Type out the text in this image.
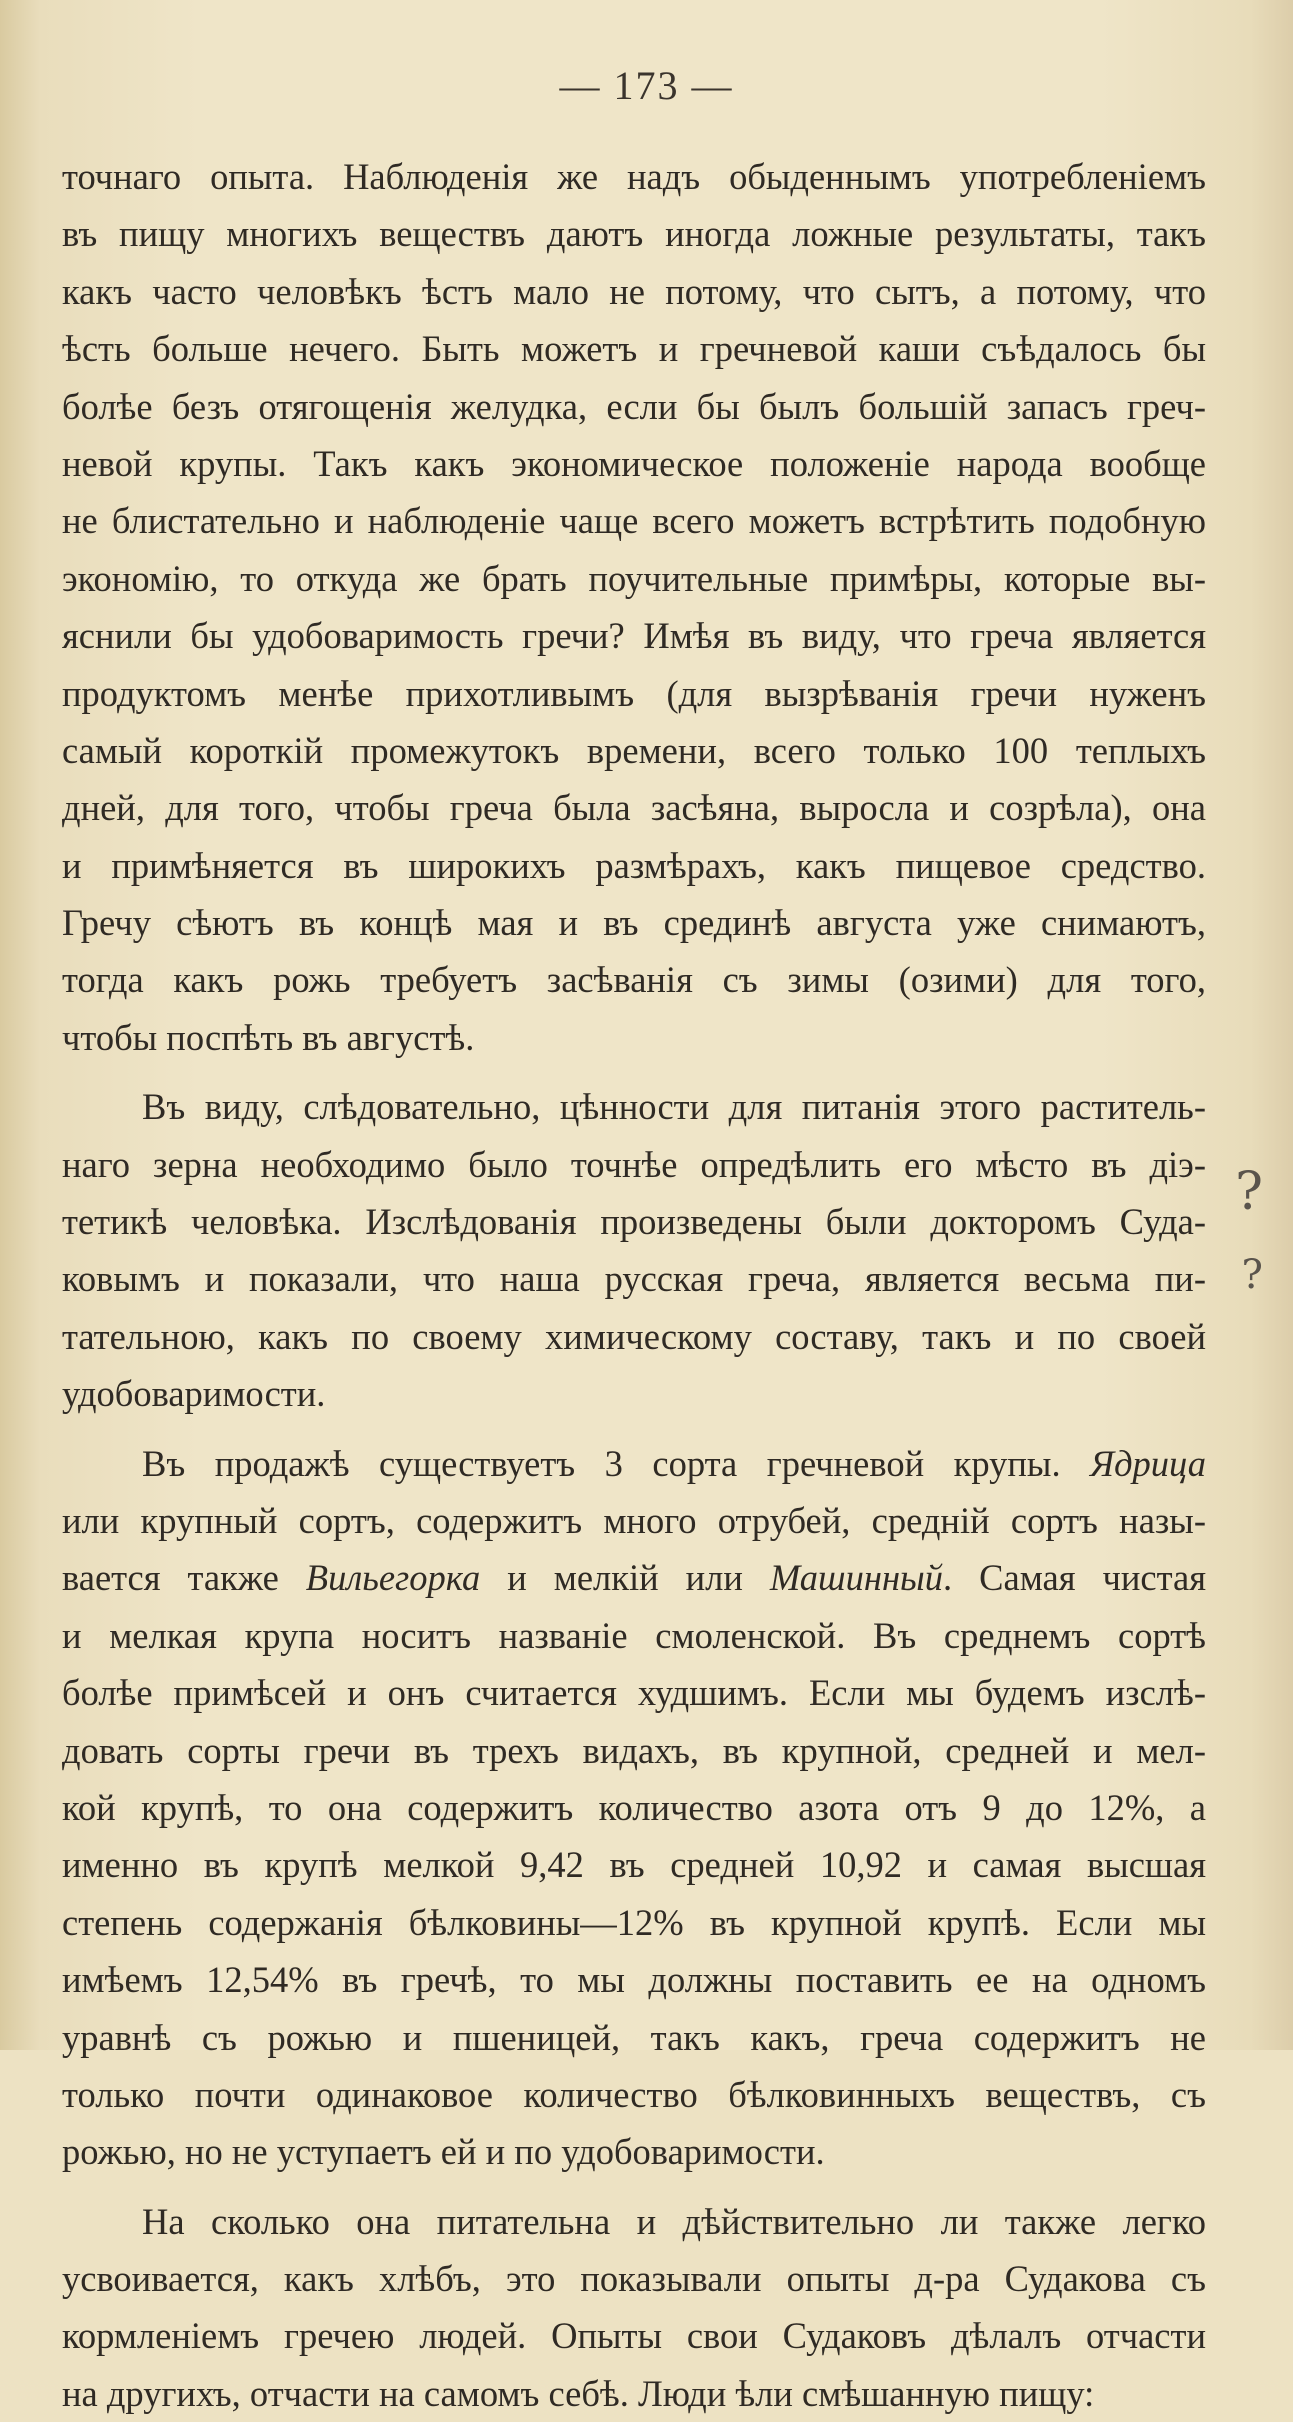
— 173 —
точнаго опыта. Наблюденія же надъ обыденнымъ употребленіемъ
въ пищу многихъ веществъ даютъ иногда ложные результаты, такъ
какъ часто человѣкъ ѣстъ мало не потому, что сытъ, а потому, что
ѣсть больше нечего. Быть можетъ и гречневой каши съѣдалось бы
болѣе безъ отягощенія желудка, если бы былъ большій запасъ греч-
невой крупы. Такъ какъ экономическое положеніе народа вообще
не блистательно и наблюденіе чаще всего можетъ встрѣтить подобную
экономію, то откуда же брать поучительные примѣры, которые вы-
яснили бы удобоваримость гречи? Имѣя въ виду, что греча является
продуктомъ менѣе прихотливымъ (для вызрѣванія гречи нуженъ
самый короткій промежутокъ времени, всего только 100 теплыхъ
дней, для того, чтобы греча была засѣяна, выросла и созрѣла), она
и примѣняется въ широкихъ размѣрахъ, какъ пищевое средство.
Гречу сѣютъ въ концѣ мая и въ срединѣ августа уже снимаютъ,
тогда какъ рожь требуетъ засѣванія съ зимы (озими) для того,
чтобы поспѣть въ августѣ.
Въ виду, слѣдовательно, цѣнности для питанія этого раститель-
наго зерна необходимо было точнѣе опредѣлить его мѣсто въ діэ-
тетикѣ человѣка. Изслѣдованія произведены были докторомъ Суда-
ковымъ и показали, что наша русская греча, является весьма пи-
тательною, какъ по своему химическому составу, такъ и по своей
удобоваримости.
Въ продажѣ существуетъ 3 сорта гречневой крупы. Ядрица
или крупный сортъ, содержитъ много отрубей, средній сортъ назы-
вается также Вильегорка и мелкій или Машинный. Самая чистая
и мелкая крупа носитъ названіе смоленской. Въ среднемъ сортѣ
болѣе примѣсей и онъ считается худшимъ. Если мы будемъ изслѣ-
довать сорты гречи въ трехъ видахъ, въ крупной, средней и мел-
кой крупѣ, то она содержитъ количество азота отъ 9 до 12%, а
именно въ крупѣ мелкой 9,42 въ средней 10,92 и самая высшая
степень содержанія бѣлковины—12% въ крупной крупѣ. Если мы
имѣемъ 12,54% въ гречѣ, то мы должны поставить ее на одномъ
уравнѣ съ рожью и пшеницей, такъ какъ, греча содержитъ не
только почти одинаковое количество бѣлковинныхъ веществъ, съ
рожью, но не уступаетъ ей и по удобоваримости.
На сколько она питательна и дѣйствительно ли также легко
усвоивается, какъ хлѣбъ, это показывали опыты д-ра Судакова съ
кормленіемъ гречею людей. Опыты свои Судаковъ дѣлалъ отчасти
на другихъ, отчасти на самомъ себѣ. Люди ѣли смѣшанную пищу:
?
?
